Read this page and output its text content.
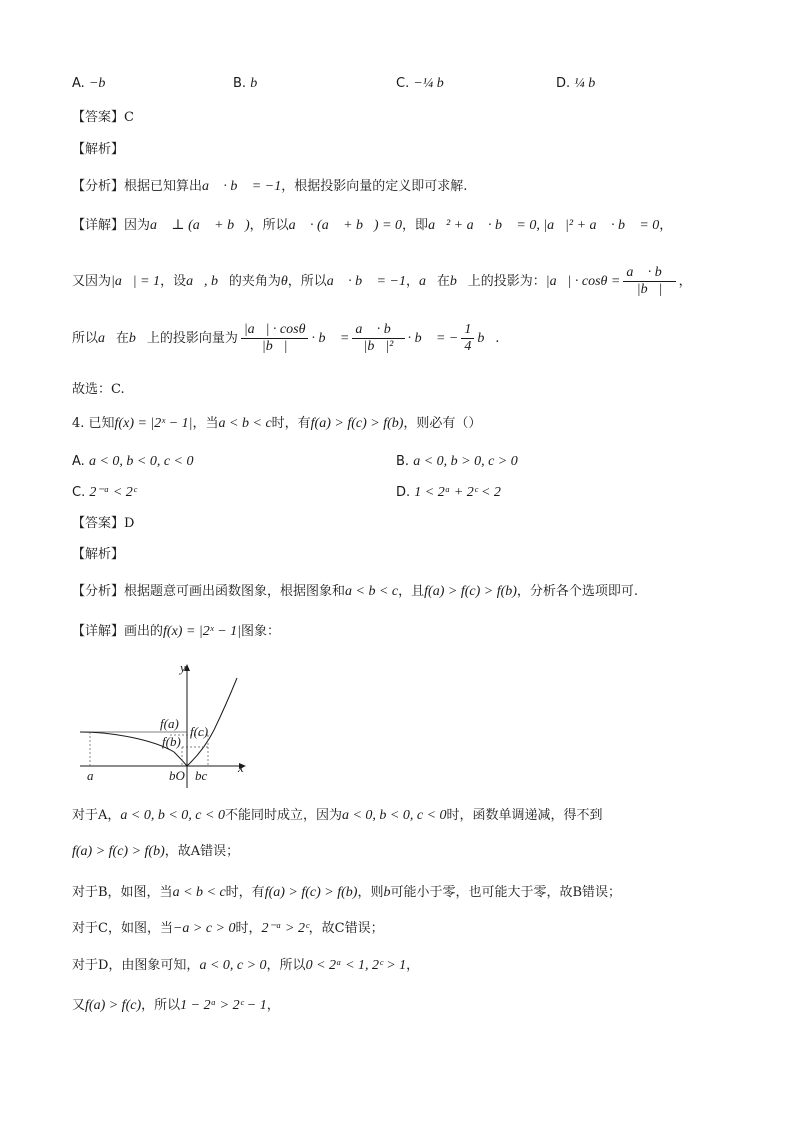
A. −b⃗	B. b⃗	C. −¼ b⃗	D. ¼ b⃗
【答案】C
【解析】
【分析】根据已知算出a⃗ · b⃗ = −1，根据投影向量的定义即可求解.
【详解】因为a⃗ ⊥ (a⃗ + b⃗)，所以a⃗ · (a⃗ + b⃗) = 0，即a⃗² + a⃗ · b⃗ = 0, |a⃗|² + a⃗ · b⃗ = 0，
又因为|a⃗| = 1，设a⃗, b⃗的夹角为θ，所以a⃗ · b⃗ = −1，a⃗在b⃗上的投影为：|a⃗| · $\cos\theta = \frac{a⃗ \cdot b⃗}{|b⃗|}$ ，
所以a⃗在b⃗上的投影向量为 $\frac{|a⃗| \cdot \cos\theta}{|b⃗|}$ · b⃗ = $\frac{a⃗ \cdot b⃗}{\text{|b⃗|²}}$ · b⃗ = − $\frac{1}{4}$ b⃗.
故选：C.
4. 已知f(x) = |2ˣ − 1|，当a < b < c时，有f(a) > f(c) > f(b)，则必有（）
A. a < 0, b < 0, c < 0	B. a < 0, b > 0, c > 0
C. 2⁻ᵃ < 2ᶜ	D. 1 < 2ᵃ + 2ᶜ < 2
【答案】D
【解析】
【分析】根据题意可画出函数图象，根据图象和a < b < c，且f(a) > f(c) > f(b)，分析各个选项即可.
【详解】画出的f(x) = |2ˣ − 1|图象：
y
x
f(a)
f(b)
f(c)
a	bO bc
对于A，a < 0, b < 0, c < 0不能同时成立，因为a < 0, b < 0, c < 0时，函数单调递减，得不到
f(a) > f(c) > f(b)，故A错误；
对于B，如图，当a < b < c时，有f(a) > f(c) > f(b)，则b可能小于零，也可能大于零，故B错误；
对于C，如图，当−a > c > 0时，2⁻ᵃ > 2ᶜ，故C错误；
对于D，由图象可知，a < 0, c > 0，所以0 < 2ᵃ < 1, 2ᶜ > 1，
又f(a) > f(c)，所以1 − 2ᵃ > 2ᶜ − 1，
